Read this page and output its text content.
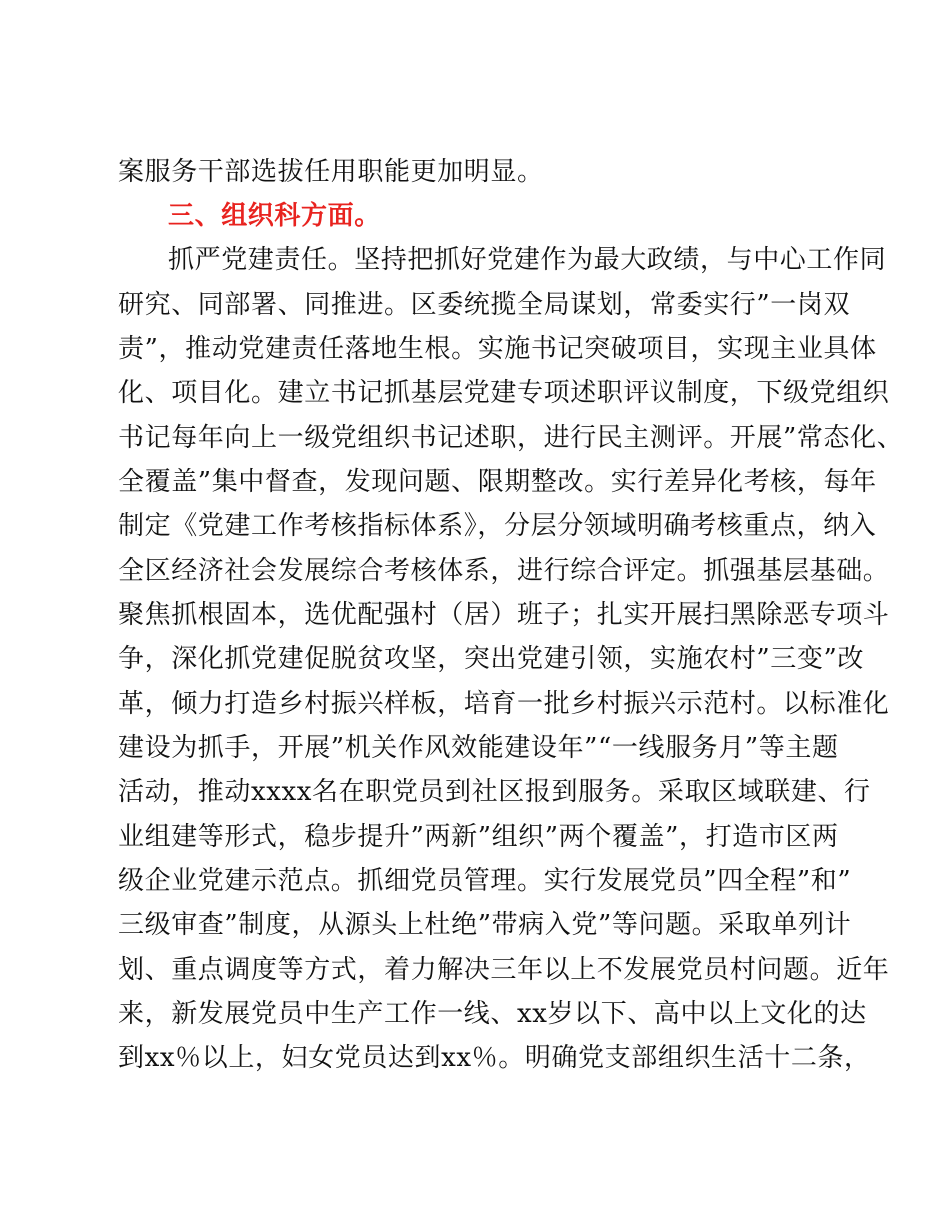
案服务干部选拔任用职能更加明显。
三、组织科方面。
抓严党建责任。坚持把抓好党建作为最大政绩，与中心工作同
研究、同部署、同推进。区委统揽全局谋划，常委实行”一岗双
责”，推动党建责任落地生根。实施书记突破项目，实现主业具体
化、项目化。建立书记抓基层党建专项述职评议制度，下级党组织
书记每年向上一级党组织书记述职，进行民主测评。开展”常态化、
全覆盖”集中督查，发现问题、限期整改。实行差异化考核，每年
制定《党建工作考核指标体系》，分层分领域明确考核重点，纳入
全区经济社会发展综合考核体系，进行综合评定。抓强基层基础。
聚焦抓根固本，选优配强村（居）班子；扎实开展扫黑除恶专项斗
争，深化抓党建促脱贫攻坚，突出党建引领，实施农村”三变”改
革，倾力打造乡村振兴样板，培育一批乡村振兴示范村。以标准化
建设为抓手，开展”机关作风效能建设年”“一线服务月”等主题
活动，推动xxxx名在职党员到社区报到服务。采取区域联建、行
业组建等形式，稳步提升”两新”组织”两个覆盖”，打造市区两
级企业党建示范点。抓细党员管理。实行发展党员”四全程”和”
三级审查”制度，从源头上杜绝”带病入党”等问题。采取单列计
划、重点调度等方式，着力解决三年以上不发展党员村问题。近年
来，新发展党员中生产工作一线、xx岁以下、高中以上文化的达
到xx％以上，妇女党员达到xx％。明确党支部组织生活十二条，
